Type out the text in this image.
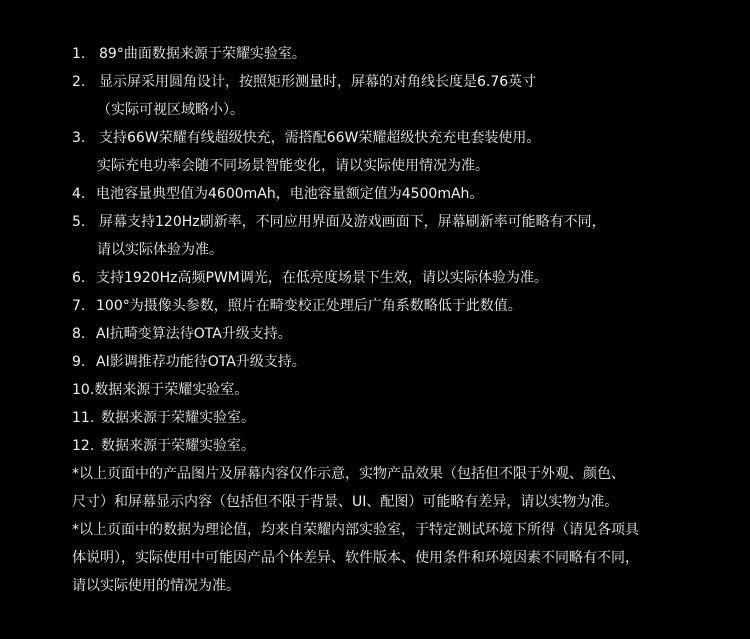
1. 89°曲面数据来源于荣耀实验室。
2. 显示屏采用圆角设计，按照矩形测量时，屏幕的对角线长度是6.76英寸
（实际可视区域略小）。
3. 支持66W荣耀有线超级快充，需搭配66W荣耀超级快充充电套装使用。
实际充电功率会随不同场景智能变化，请以实际使用情况为准。
4. 电池容量典型值为4600mAh，电池容量额定值为4500mAh。
5. 屏幕支持120Hz刷新率，不同应用界面及游戏画面下，屏幕刷新率可能略有不同，
请以实际体验为准。
6. 支持1920Hz高频PWM调光，在低亮度场景下生效，请以实际体验为准。
7. 100°为摄像头参数，照片在畸变校正处理后广角系数略低于此数值。
8. AI抗畸变算法待OTA升级支持。
9. AI影调推荐功能待OTA升级支持。
10.数据来源于荣耀实验室。
11. 数据来源于荣耀实验室。
12. 数据来源于荣耀实验室。
*以上页面中的产品图片及屏幕内容仅作示意，实物产品效果（包括但不限于外观、颜色、
尺寸）和屏幕显示内容（包括但不限于背景、UI、配图）可能略有差异，请以实物为准。
*以上页面中的数据为理论值，均来自荣耀内部实验室，于特定测试环境下所得（请见各项具
体说明），实际使用中可能因产品个体差异、软件版本、使用条件和环境因素不同略有不同，
请以实际使用的情况为准。
